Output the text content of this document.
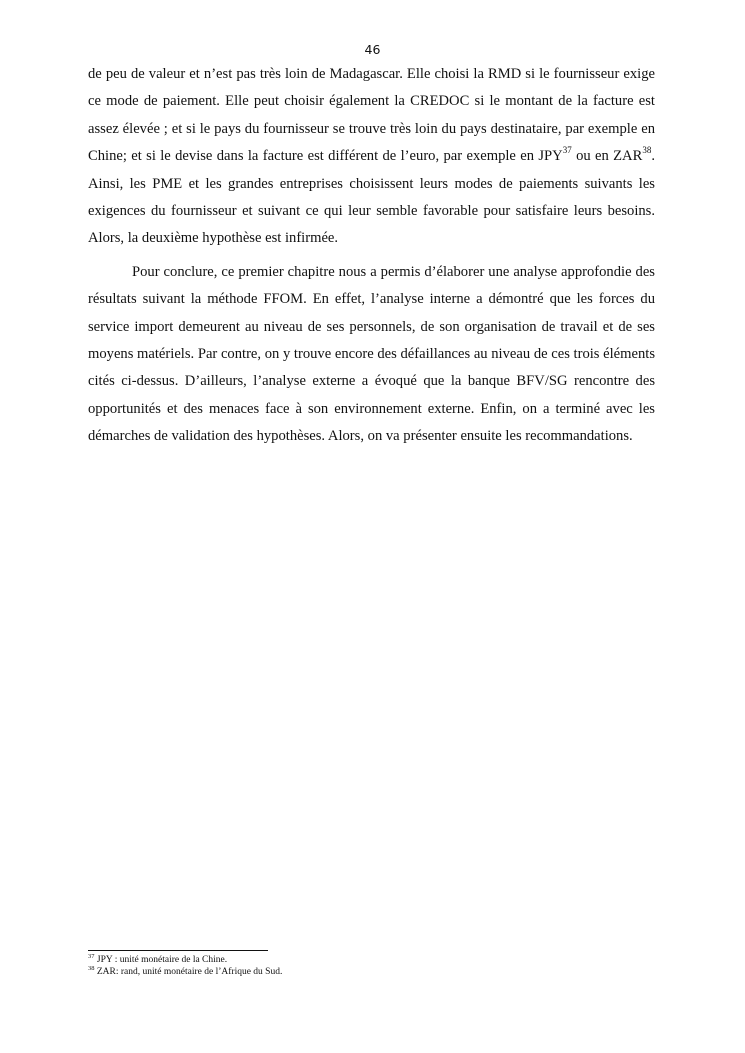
46

de peu de valeur et n’est pas très loin de Madagascar. Elle choisi la RMD si le fournisseur exige ce mode de paiement. Elle peut choisir également la CREDOC si le montant de la facture est assez élevée ; et si le pays du fournisseur se trouve très loin du pays destinataire, par exemple en Chine; et si le devise dans la facture est différent de l’euro, par exemple en JPY$^{37}$ ou en ZAR$^{38}$. Ainsi, les PME et les grandes entreprises choisissent leurs modes de paiements suivants les exigences du fournisseur et suivant ce qui leur semble favorable pour satisfaire leurs besoins. Alors, la deuxième hypothèse est infirmée.

Pour conclure, ce premier chapitre nous a permis d’élaborer une analyse approfondie des résultats suivant la méthode FFOM. En effet, l’analyse interne a démontré que les forces du service import demeurent au niveau de ses personnels, de son organisation de travail et de ses moyens matériels. Par contre, on y trouve encore des défaillances au niveau de ces trois éléments cités ci-dessus. D’ailleurs, l’analyse externe a évoqué que la banque BFV/SG rencontre des opportunités et des menaces face à son environnement externe. Enfin, on a terminé avec les démarches de validation des hypothèses. Alors, on va présenter ensuite les recommandations.

$^{37}$ JPY : unité monétaire de la Chine.
$^{38}$ ZAR: rand, unité monétaire de l’Afrique du Sud.
